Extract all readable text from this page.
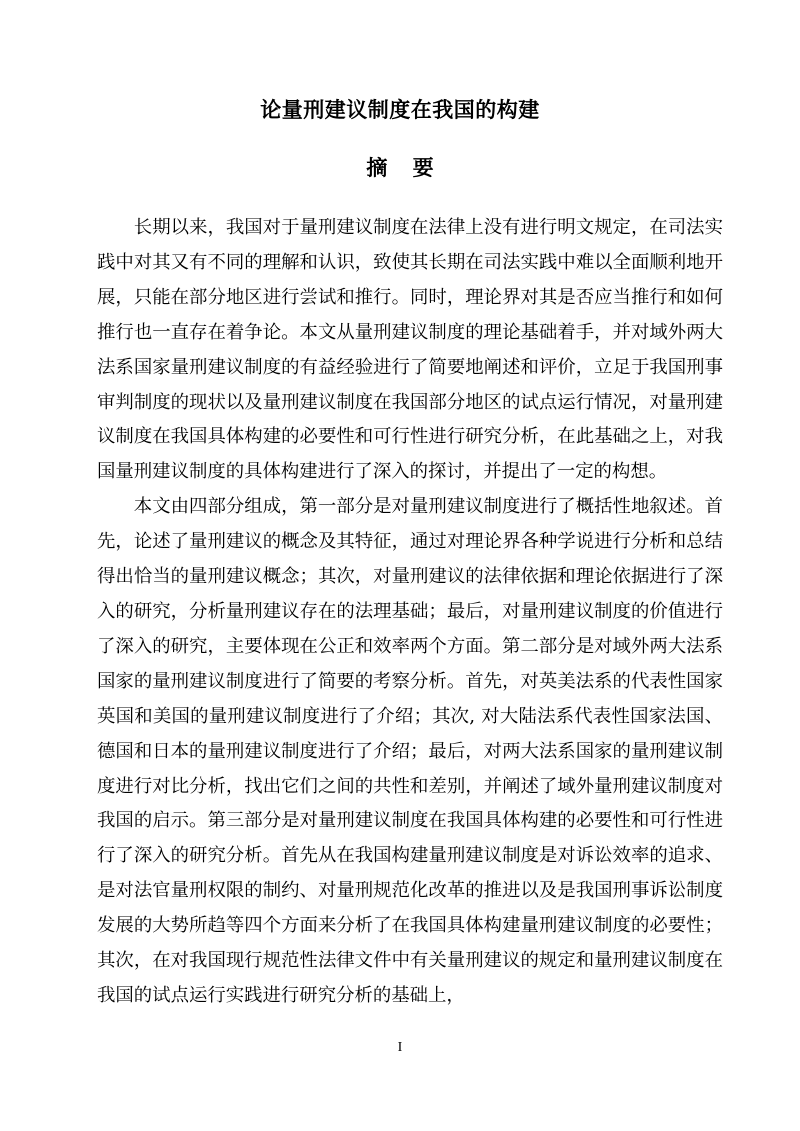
论量刑建议制度在我国的构建
摘 要

长期以来，我国对于量刑建议制度在法律上没有进行明文规定，在司法实践中对其又有不同的理解和认识，致使其长期在司法实践中难以全面顺利地开展，只能在部分地区进行尝试和推行。同时，理论界对其是否应当推行和如何推行也一直存在着争论。本文从量刑建议制度的理论基础着手，并对域外两大法系国家量刑建议制度的有益经验进行了简要地阐述和评价，立足于我国刑事审判制度的现状以及量刑建议制度在我国部分地区的试点运行情况，对量刑建议制度在我国具体构建的必要性和可行性进行研究分析，在此基础之上，对我国量刑建议制度的具体构建进行了深入的探讨，并提出了一定的构想。

本文由四部分组成，第一部分是对量刑建议制度进行了概括性地叙述。首先，论述了量刑建议的概念及其特征，通过对理论界各种学说进行分析和总结得出恰当的量刑建议概念；其次，对量刑建议的法律依据和理论依据进行了深入的研究，分析量刑建议存在的法理基础；最后，对量刑建议制度的价值进行了深入的研究，主要体现在公正和效率两个方面。第二部分是对域外两大法系国家的量刑建议制度进行了简要的考察分析。首先，对英美法系的代表性国家英国和美国的量刑建议制度进行了介绍；其次, 对大陆法系代表性国家法国、德国和日本的量刑建议制度进行了介绍；最后，对两大法系国家的量刑建议制度进行对比分析，找出它们之间的共性和差别，并阐述了域外量刑建议制度对我国的启示。第三部分是对量刑建议制度在我国具体构建的必要性和可行性进行了深入的研究分析。首先从在我国构建量刑建议制度是对诉讼效率的追求、是对法官量刑权限的制约、对量刑规范化改革的推进以及是我国刑事诉讼制度发展的大势所趋等四个方面来分析了在我国具体构建量刑建议制度的必要性；其次，在对我国现行规范性法律文件中有关量刑建议的规定和量刑建议制度在我国的试点运行实践进行研究分析的基础上，

I
